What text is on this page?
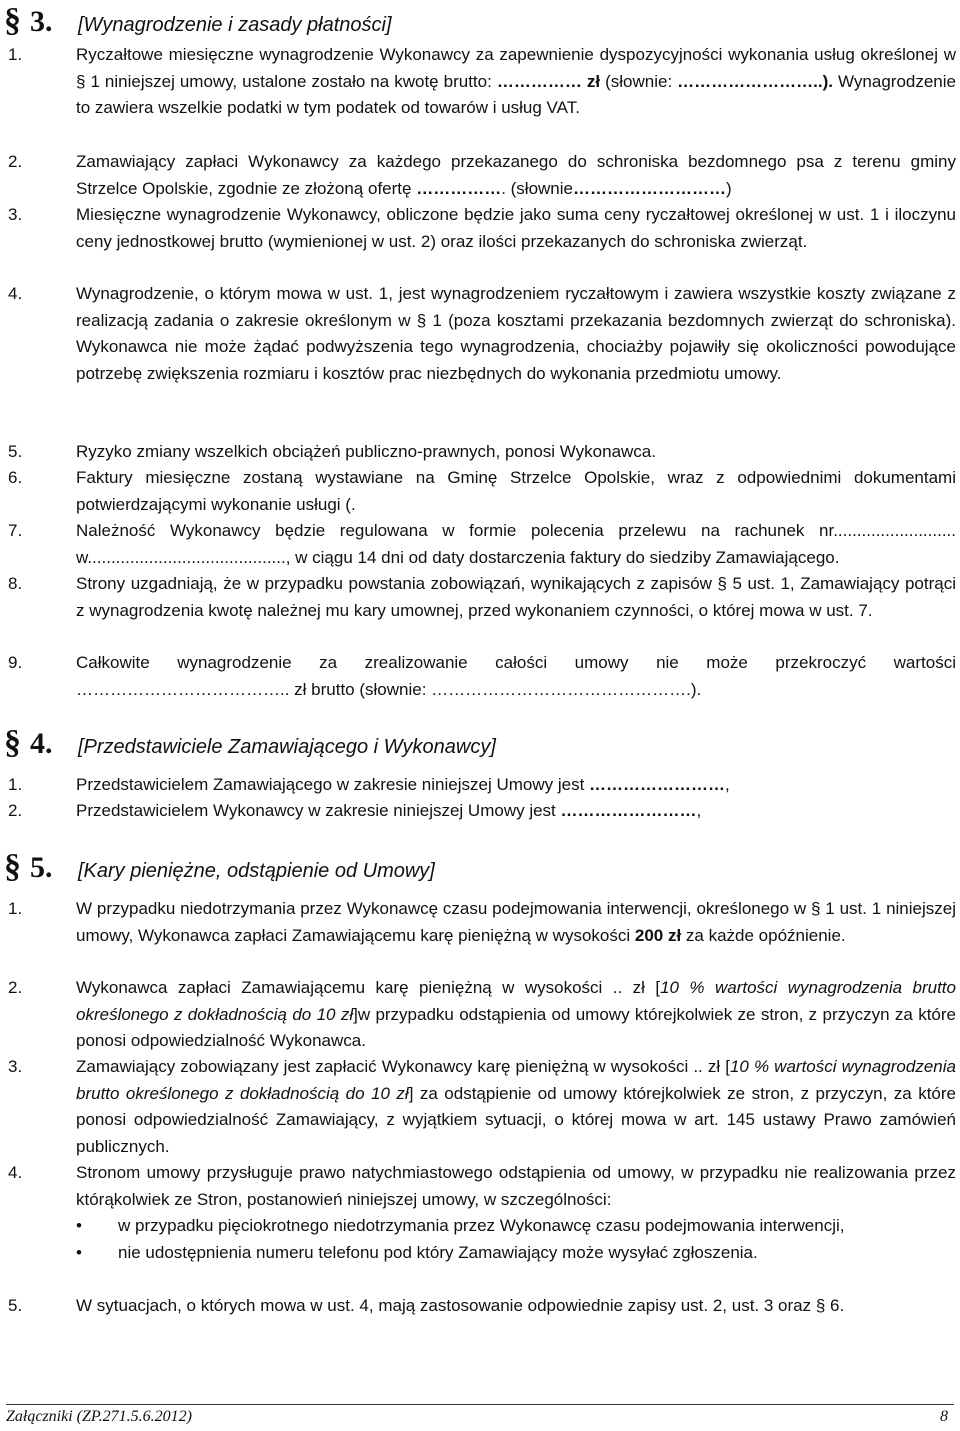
§ 3.	[Wynagrodzenie i zasady płatności]
1.	Ryczałtowe miesięczne wynagrodzenie Wykonawcy za zapewnienie dyspozycyjności wykonania usług określonej w § 1 niniejszej umowy, ustalone zostało na kwotę brutto: …………… zł (słownie: ……………………..). Wynagrodzenie to zawiera wszelkie podatki w tym podatek od towarów i usług VAT.
2.	Zamawiający zapłaci Wykonawcy za każdego przekazanego do schroniska bezdomnego psa z terenu gminy Strzelce Opolskie, zgodnie ze złożoną ofertę ……………. (słownie………………………)
3.	Miesięczne wynagrodzenie Wykonawcy, obliczone będzie jako suma ceny ryczałtowej określonej w ust. 1 i iloczynu ceny jednostkowej brutto (wymienionej w ust. 2) oraz ilości przekazanych do schroniska zwierząt.
4.	Wynagrodzenie, o którym mowa w ust. 1, jest wynagrodzeniem ryczałtowym i zawiera wszystkie koszty związane z realizacją zadania o zakresie określonym w § 1 (poza kosztami przekazania bezdomnych zwierząt do schroniska). Wykonawca nie może żądać podwyższenia tego wynagrodzenia, chociażby pojawiły się okoliczności powodujące potrzebę zwiększenia rozmiaru i kosztów prac niezbędnych do wykonania przedmiotu umowy.
5.	Ryzyko zmiany wszelkich obciążeń publiczno-prawnych, ponosi Wykonawca.
6.	Faktury miesięczne zostaną wystawiane na Gminę Strzelce Opolskie, wraz z odpowiednimi dokumentami potwierdzającymi wykonanie usługi (.
7.	Należność Wykonawcy będzie regulowana w formie polecenia przelewu na rachunek nr.......................... w.........................................., w ciągu 14 dni od daty dostarczenia faktury do siedziby Zamawiającego.
8.	Strony uzgadniają, że w przypadku powstania zobowiązań, wynikających z zapisów § 5 ust. 1, Zamawiający potrąci z wynagrodzenia kwotę należnej mu kary umownej, przed wykonaniem czynności, o której mowa w ust. 7.
9.	Całkowite wynagrodzenie za zrealizowanie całości umowy nie może przekroczyć wartości ……………………………….. zł brutto (słownie: ……………………………………….).
§ 4.	[Przedstawiciele Zamawiającego i Wykonawcy]
1.	Przedstawicielem Zamawiającego w zakresie niniejszej Umowy jest ……………………,
2.	Przedstawicielem Wykonawcy w zakresie niniejszej Umowy jest ……………………,
§ 5.	[Kary pieniężne, odstąpienie od Umowy]
1.	W przypadku niedotrzymania przez Wykonawcę czasu podejmowania interwencji, określonego w § 1 ust. 1 niniejszej umowy, Wykonawca zapłaci Zamawiającemu karę pieniężną w wysokości 200 zł za każde opóźnienie.
2.	Wykonawca zapłaci Zamawiającemu karę pieniężną w wysokości .. zł [10 % wartości wynagrodzenia brutto określonego z dokładnością do 10 zł]w przypadku odstąpienia od umowy którejkolwiek ze stron, z przyczyn za które ponosi odpowiedzialność Wykonawca.
3.	Zamawiający zobowiązany jest zapłacić Wykonawcy karę pieniężną w wysokości .. zł [10 % wartości wynagrodzenia brutto określonego z dokładnością do 10 zł] za odstąpienie od umowy którejkolwiek ze stron, z przyczyn, za które ponosi odpowiedzialność Zamawiający, z wyjątkiem sytuacji, o której mowa w art. 145 ustawy Prawo zamówień publicznych.
4.	Stronom umowy przysługuje prawo natychmiastowego odstąpienia od umowy, w przypadku nie realizowania przez którąkolwiek ze Stron, postanowień niniejszej umowy, w szczególności:
• w przypadku pięciokrotnego niedotrzymania przez Wykonawcę czasu podejmowania interwencji,
• nie udostępnienia numeru telefonu pod który Zamawiający może wysyłać zgłoszenia.
5.	W sytuacjach, o których mowa w ust. 4, mają zastosowanie odpowiednie zapisy ust. 2, ust. 3 oraz § 6.
Załączniki (ZP.271.5.6.2012)	8
